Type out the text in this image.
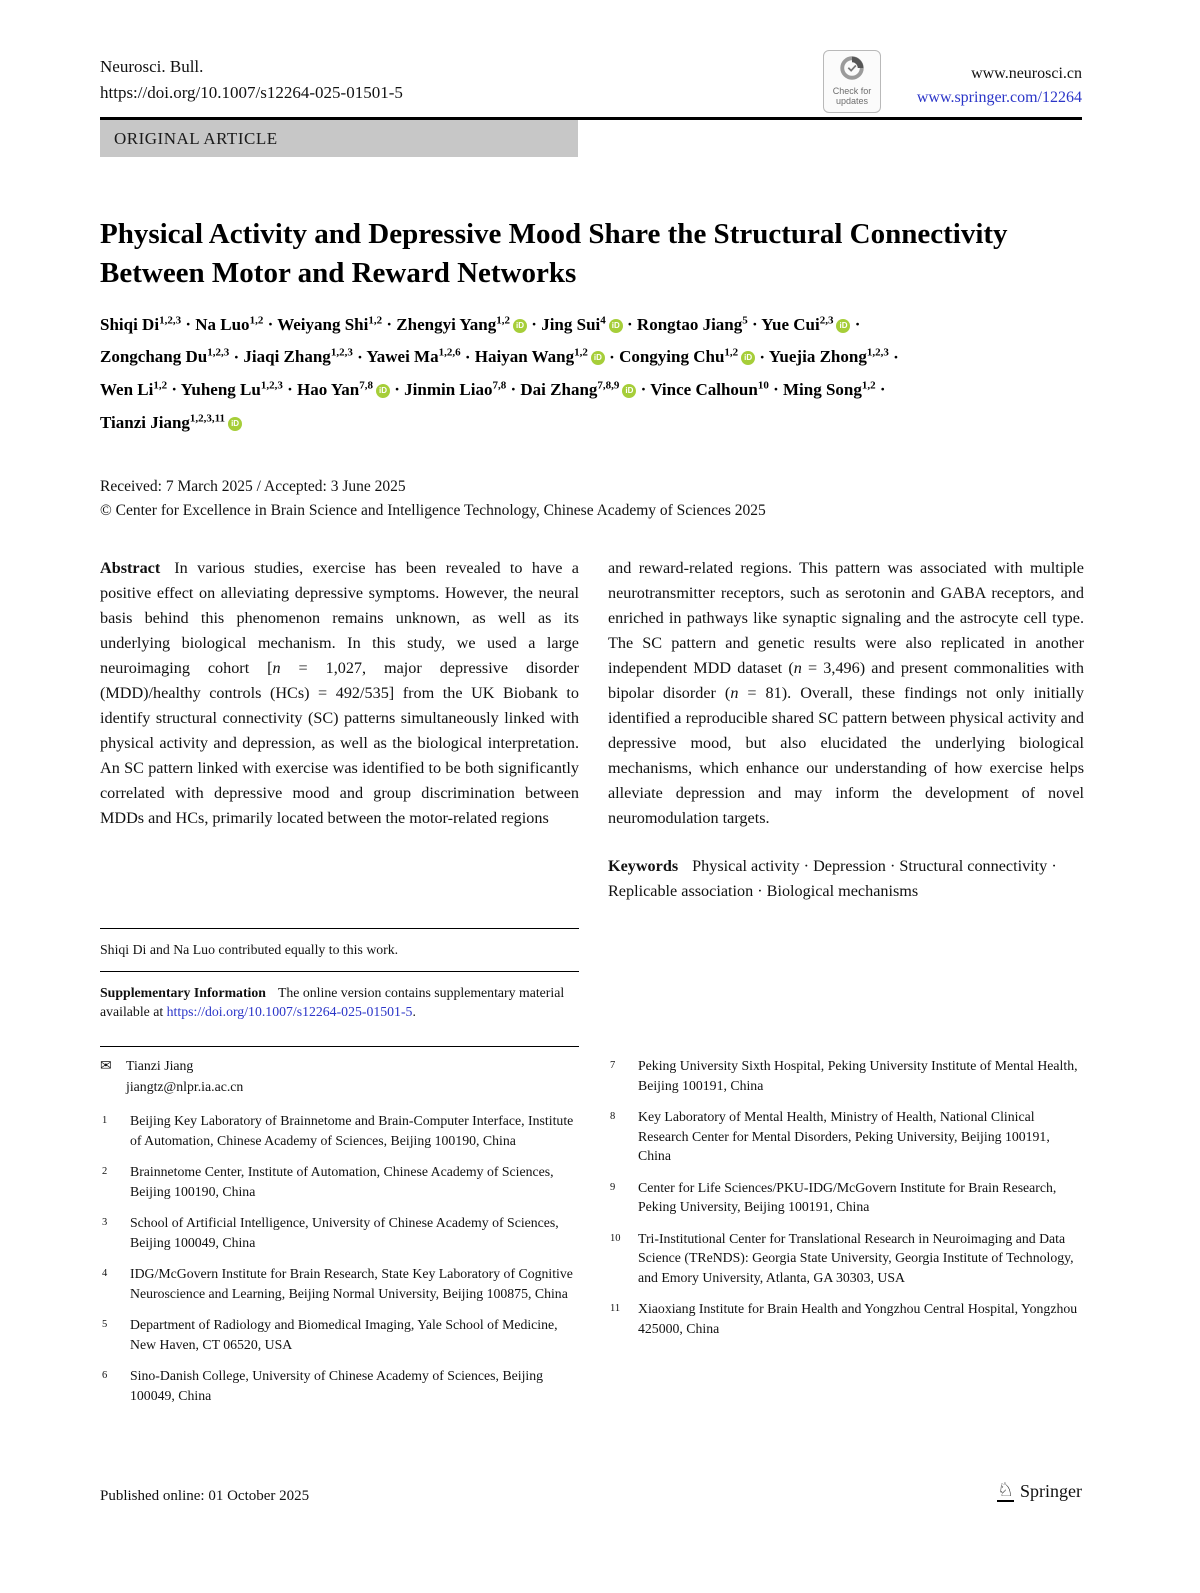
Neurosci. Bull.
https://doi.org/10.1007/s12264-025-01501-5	Check for
updates
www.neurosci.cn
www.springer.com/12264
ORIGINAL ARTICLE
Physical Activity and Depressive Mood Share the Structural Connectivity Between Motor and Reward Networks
Shiqi Di$^{1,2,3}$ · Na Luo$^{1,2}$ · Weiyang Shi$^{1,2}$ · Zhengyi Yang$^{1,2}$ iD · Jing Sui$^4$ iD · Rongtao Jiang$^5$ · Yue Cui$^{2,3}$ iD ·
Zongchang Du$^{1,2,3}$ · Jiaqi Zhang$^{1,2,3}$ · Yawei Ma$^{1,2,6}$ · Haiyan Wang$^{1,2}$ iD · Congying Chu$^{1,2}$ iD · Yuejia Zhong$^{1,2,3}$ ·
Wen Li$^{1,2}$ · Yuheng Lu$^{1,2,3}$ · Hao Yan$^{7,8}$ iD · Jinmin Liao$^{7,8}$ · Dai Zhang$^{7,8,9}$ iD · Vince Calhoun$^{10}$ · Ming Song$^{1,2}$ ·
Tianzi Jiang$^{1,2,3,11}$ iD
Received: 7 March 2025 / Accepted: 3 June 2025
© Center for Excellence in Brain Science and Intelligence Technology, Chinese Academy of Sciences 2025

Abstract In various studies, exercise has been revealed to have a positive effect on alleviating depressive symptoms. However, the neural basis behind this phenomenon remains unknown, as well as its underlying biological mechanism. In this study, we used a large neuroimaging cohort [n = 1,027, major depressive disorder (MDD)/healthy controls (HCs) = 492/535] from the UK Biobank to identify structural connectivity (SC) patterns simultaneously linked with physical activity and depression, as well as the biological interpretation. An SC pattern linked with exercise was identified to be both significantly correlated with depressive mood and group discrimination between MDDs and HCs, primarily located between the motor-related regions

and reward-related regions. This pattern was associated with multiple neurotransmitter receptors, such as serotonin and GABA receptors, and enriched in pathways like synaptic signaling and the astrocyte cell type. The SC pattern and genetic results were also replicated in another independent MDD dataset (n = 3,496) and present commonalities with bipolar disorder (n = 81). Overall, these findings not only initially identified a reproducible shared SC pattern between physical activity and depressive mood, but also elucidated the underlying biological mechanisms, which enhance our understanding of how exercise helps alleviate depression and may inform the development of novel neuromodulation targets.

Keywords Physical activity · Depression · Structural connectivity · Replicable association · Biological mechanisms

Shiqi Di and Na Luo contributed equally to this work.

Supplementary Information The online version contains supplementary material available at https://doi.org/10.1007/s12264-025-01501-5.

✉ Tianzi Jiang
jiangtz@nlpr.ia.ac.cn
1 Beijing Key Laboratory of Brainnetome and Brain-Computer Interface, Institute of Automation, Chinese Academy of Sciences, Beijing 100190, China
2 Brainnetome Center, Institute of Automation, Chinese Academy of Sciences, Beijing 100190, China
3 School of Artificial Intelligence, University of Chinese Academy of Sciences, Beijing 100049, China
4 IDG/McGovern Institute for Brain Research, State Key Laboratory of Cognitive Neuroscience and Learning, Beijing Normal University, Beijing 100875, China
5 Department of Radiology and Biomedical Imaging, Yale School of Medicine, New Haven, CT 06520, USA
6 Sino-Danish College, University of Chinese Academy of Sciences, Beijing 100049, China
7 Peking University Sixth Hospital, Peking University Institute of Mental Health, Beijing 100191, China
8 Key Laboratory of Mental Health, Ministry of Health, National Clinical Research Center for Mental Disorders, Peking University, Beijing 100191, China
9 Center for Life Sciences/PKU-IDG/McGovern Institute for Brain Research, Peking University, Beijing 100191, China
10 Tri-Institutional Center for Translational Research in Neuroimaging and Data Science (TReNDS): Georgia State University, Georgia Institute of Technology, and Emory University, Atlanta, GA 30303, USA
11 Xiaoxiang Institute for Brain Health and Yongzhou Central Hospital, Yongzhou 425000, China
Published online: 01 October 2025	♘ Springer
